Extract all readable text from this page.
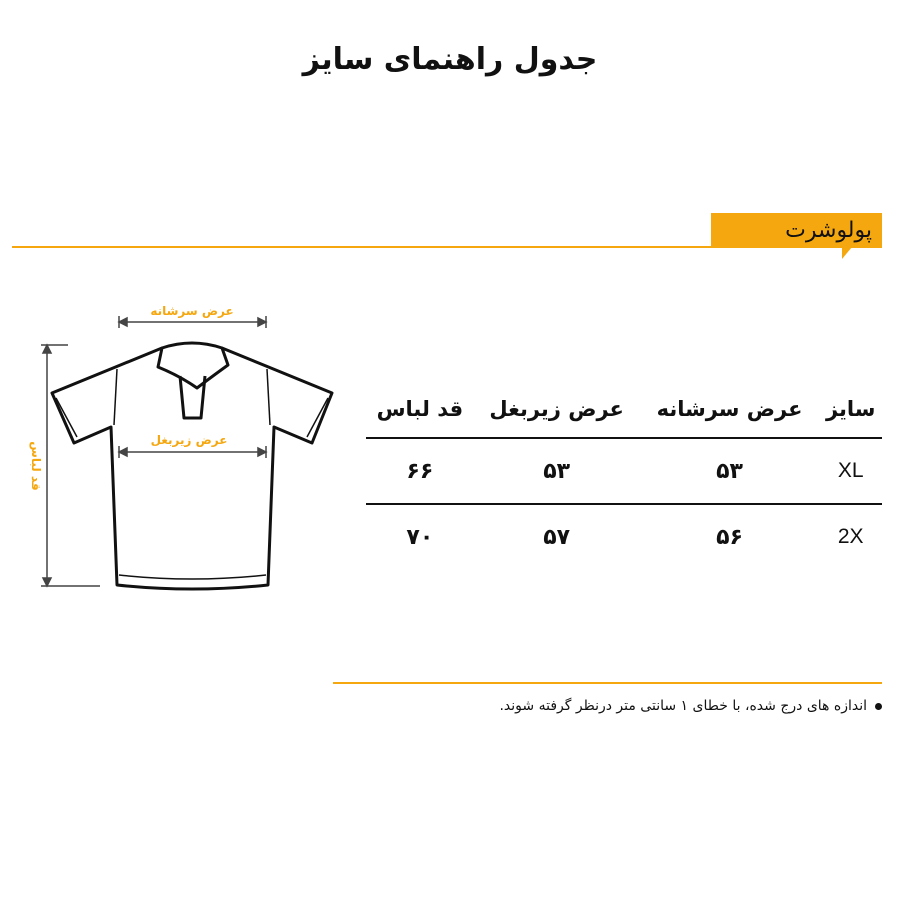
جدول راهنمای سایز
پولوشرت
عرض سرشانه
قد لباس
عرض زیربغل
سایز	عرض سرشانه	عرض زیربغل	قد لباس
XL	۵۳	۵۳	۶۶
2X	۵۶	۵۷	۷۰
اندازه های درج شده، با خطای ۱ سانتی متر درنظر گرفته شوند.
